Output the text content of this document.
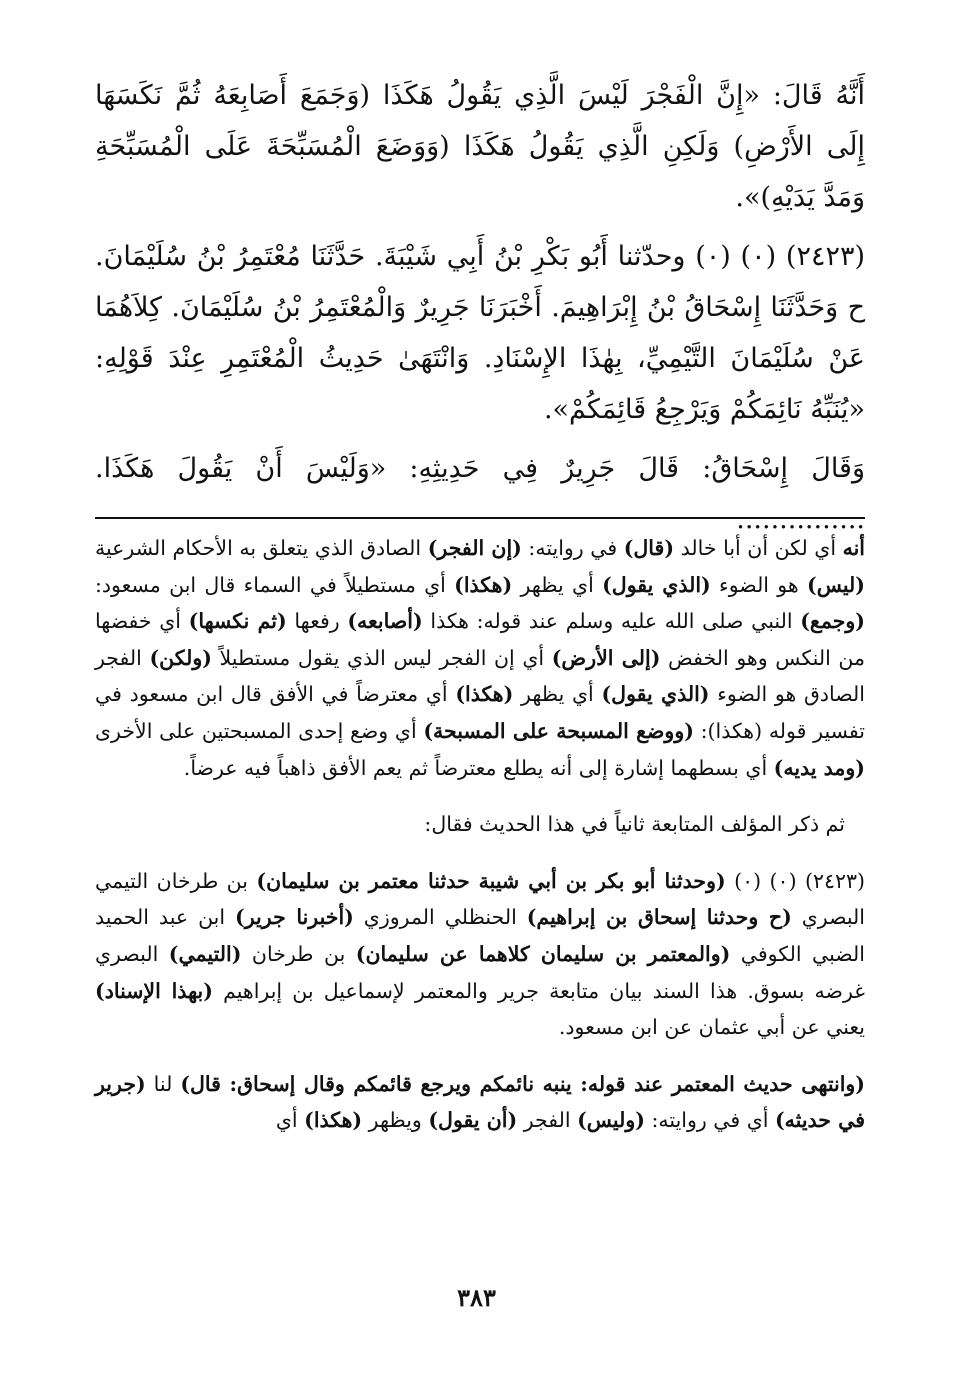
أَنَّهُ قَالَ: «إِنَّ الْفَجْرَ لَيْسَ الَّذِي يَقُولُ هَكَذَا (وَجَمَعَ أَصَابِعَهُ ثُمَّ نَكَسَهَا إِلَى الأَرْضِ) وَلَكِنِ الَّذِي يَقُولُ هَكَذَا (وَوَضَعَ الْمُسَبِّحَةَ عَلَى الْمُسَبِّحَةِ وَمَدَّ يَدَيْهِ)».

(٢٤٢٣) (٠) (٠) وحدّثنا أَبُو بَكْرِ بْنُ أَبِي شَيْبَةَ. حَدَّثَنَا مُعْتَمِرُ بْنُ سُلَيْمَانَ. ح وَحَدَّثَنَا إِسْحَاقُ بْنُ إِبْرَاهِيمَ. أَخْبَرَنَا جَرِيرٌ وَالْمُعْتَمِرُ بْنُ سُلَيْمَانَ. كِلاَهُمَا عَنْ سُلَيْمَانَ التَّيْمِيِّ، بِهٰذَا الإِسْنَادِ. وَانْتَهَىٰ حَدِيثُ الْمُعْتَمِرِ عِنْدَ قَوْلِهِ: «يُنَبِّهُ نَائِمَكُمْ وَيَرْجِعُ قَائِمَكُمْ».

وَقَالَ إِسْحَاقُ: قَالَ جَرِيرٌ فِي حَدِيثِهِ: «وَلَيْسَ أَنْ يَقُولَ هَكَذَا. ...............

أنه أي لكن أن أبا خالد (قال) في روايته: (إن الفجر) الصادق الذي يتعلق به الأحكام الشرعية (ليس) هو الضوء (الذي يقول) أي يظهر (هكذا) أي مستطيلاً في السماء قال ابن مسعود: (وجمع) النبي صلى الله عليه وسلم عند قوله: هكذا (أصابعه) رفعها (ثم نكسها) أي خفضها من النكس وهو الخفض (إلى الأرض) أي إن الفجر ليس الذي يقول مستطيلاً (ولكن) الفجر الصادق هو الضوء (الذي يقول) أي يظهر (هكذا) أي معترضاً في الأفق قال ابن مسعود في تفسير قوله (هكذا): (ووضع المسبحة على المسبحة) أي وضع إحدى المسبحتين على الأخرى (ومد يديه) أي بسطهما إشارة إلى أنه يطلع معترضاً ثم يعم الأفق ذاهباً فيه عرضاً.

ثم ذكر المؤلف المتابعة ثانياً في هذا الحديث فقال:

(٢٤٢٣) (٠) (٠) (وحدثنا أبو بكر بن أبي شيبة حدثنا معتمر بن سليمان) بن طرخان التيمي البصري (ح وحدثنا إسحاق بن إبراهيم) الحنظلي المروزي (أخبرنا جرير) ابن عبد الحميد الضبي الكوفي (والمعتمر بن سليمان كلاهما عن سليمان) بن طرخان (التيمي) البصري غرضه بسوق. هذا السند بيان متابعة جرير والمعتمر لإسماعيل بن إبراهيم (بهذا الإسناد) يعني عن أبي عثمان عن ابن مسعود.

(وانتهى حديث المعتمر عند قوله: ينبه نائمكم ويرجع قائمكم وقال إسحاق: قال) لنا (جرير في حديثه) أي في روايته: (وليس) الفجر (أن يقول) ويظهر (هكذا) أي

٣٨٣
